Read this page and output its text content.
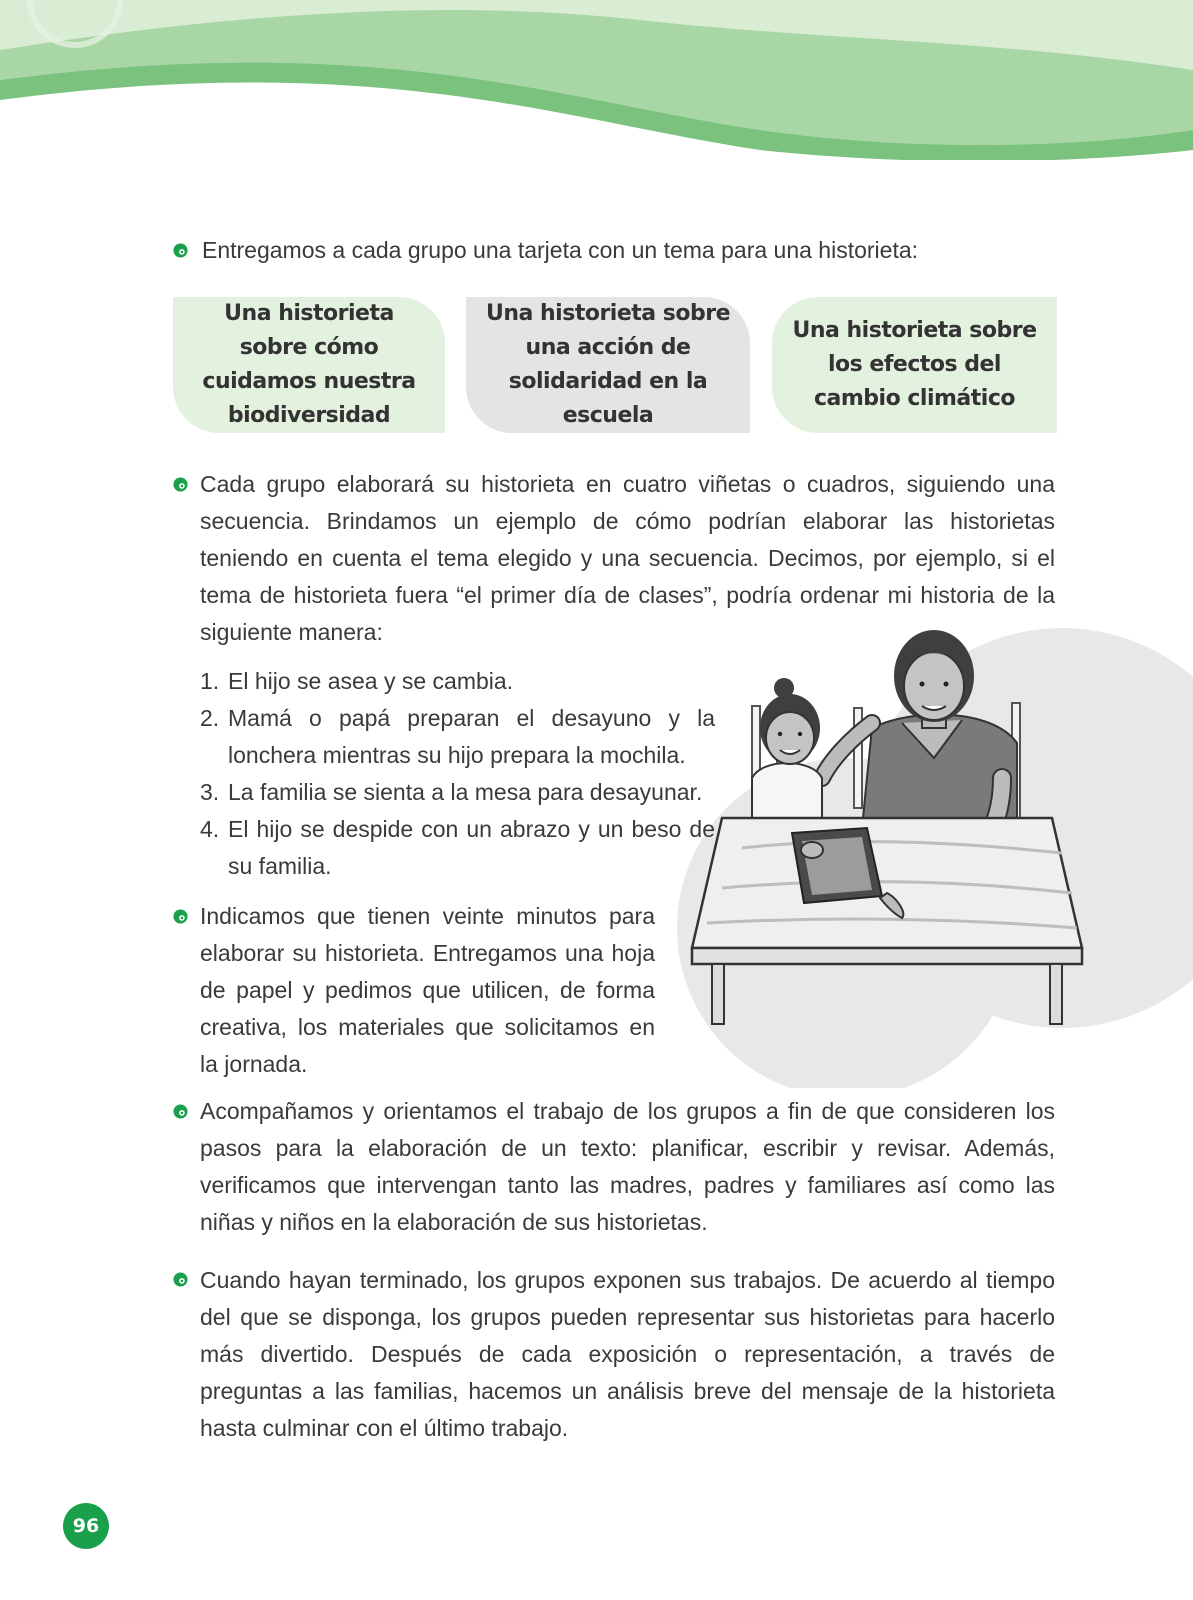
Entregamos a cada grupo una tarjeta con un tema para una historieta:
Una historieta sobre cómo cuidamos nuestra biodiversidad
Una historieta sobre una acción de solidaridad en la escuela
Una historieta sobre los efectos del cambio climático
Cada grupo elaborará su historieta en cuatro viñetas o cuadros, siguiendo una secuencia. Brindamos un ejemplo de cómo podrían elaborar las historietas teniendo en cuenta el tema elegido y una secuencia. Decimos, por ejemplo, si el tema de historieta fuera “el primer día de clases”, podría ordenar mi historia de la siguiente manera:
1. El hijo se asea y se cambia.
2. Mamá o papá preparan el desayuno y la lonchera mientras su hijo prepara la mochila.
3. La familia se sienta a la mesa para desayunar.
4. El hijo se despide con un abrazo y un beso de su familia.
Indicamos que tienen veinte minutos para elaborar su historieta. Entregamos una hoja de papel y pedimos que utilicen, de forma creativa, los materiales que solicitamos en la jornada.
Acompañamos y orientamos el trabajo de los grupos a fin de que consideren los pasos para la elaboración de un texto: planificar, escribir y revisar. Además, verificamos que intervengan tanto las madres, padres y familiares así como las niñas y niños en la elaboración de sus historietas.
Cuando hayan terminado, los grupos exponen sus trabajos. De acuerdo al tiempo del que se disponga, los grupos pueden representar sus historietas para hacerlo más divertido. Después de cada exposición o representación, a través de preguntas a las familias, hacemos un análisis breve del mensaje de la historieta hasta culminar con el último trabajo.
96
